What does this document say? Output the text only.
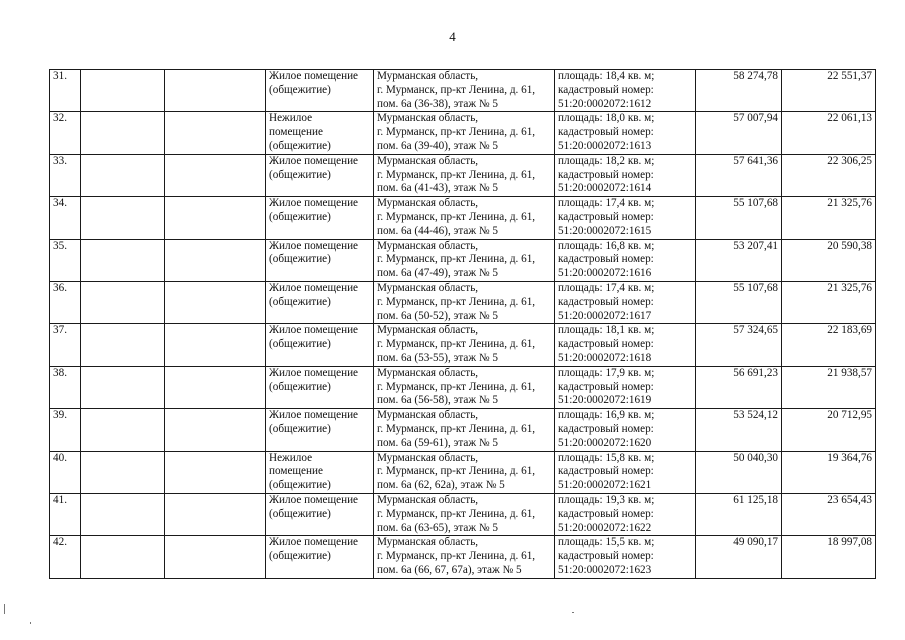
4
31.			Жилое помещение
(общежитие)	Мурманская область,
г. Мурманск, пр-кт Ленина, д. 61,
пом. 6а (36-38), этаж № 5	площадь: 18,4 кв. м;
кадастровый номер:
51:20:0002072:1612	58 274,78	22 551,37
32.			Нежилое
помещение
(общежитие)	Мурманская область,
г. Мурманск, пр-кт Ленина, д. 61,
пом. 6а (39-40), этаж № 5	площадь: 18,0 кв. м;
кадастровый номер:
51:20:0002072:1613	57 007,94	22 061,13
33.			Жилое помещение
(общежитие)	Мурманская область,
г. Мурманск, пр-кт Ленина, д. 61,
пом. 6а (41-43), этаж № 5	площадь: 18,2 кв. м;
кадастровый номер:
51:20:0002072:1614	57 641,36	22 306,25
34.			Жилое помещение
(общежитие)	Мурманская область,
г. Мурманск, пр-кт Ленина, д. 61,
пом. 6а (44-46), этаж № 5	площадь: 17,4 кв. м;
кадастровый номер:
51:20:0002072:1615	55 107,68	21 325,76
35.			Жилое помещение
(общежитие)	Мурманская область,
г. Мурманск, пр-кт Ленина, д. 61,
пом. 6а (47-49), этаж № 5	площадь: 16,8 кв. м;
кадастровый номер:
51:20:0002072:1616	53 207,41	20 590,38
36.			Жилое помещение
(общежитие)	Мурманская область,
г. Мурманск, пр-кт Ленина, д. 61,
пом. 6а (50-52), этаж № 5	площадь: 17,4 кв. м;
кадастровый номер:
51:20:0002072:1617	55 107,68	21 325,76
37.			Жилое помещение
(общежитие)	Мурманская область,
г. Мурманск, пр-кт Ленина, д. 61,
пом. 6а (53-55), этаж № 5	площадь: 18,1 кв. м;
кадастровый номер:
51:20:0002072:1618	57 324,65	22 183,69
38.			Жилое помещение
(общежитие)	Мурманская область,
г. Мурманск, пр-кт Ленина, д. 61,
пом. 6а (56-58), этаж № 5	площадь: 17,9 кв. м;
кадастровый номер:
51:20:0002072:1619	56 691,23	21 938,57
39.			Жилое помещение
(общежитие)	Мурманская область,
г. Мурманск, пр-кт Ленина, д. 61,
пом. 6а (59-61), этаж № 5	площадь: 16,9 кв. м;
кадастровый номер:
51:20:0002072:1620	53 524,12	20 712,95
40.			Нежилое
помещение
(общежитие)	Мурманская область,
г. Мурманск, пр-кт Ленина, д. 61,
пом. 6а (62, 62а), этаж № 5	площадь: 15,8 кв. м;
кадастровый номер:
51:20:0002072:1621	50 040,30	19 364,76
41.			Жилое помещение
(общежитие)	Мурманская область,
г. Мурманск, пр-кт Ленина, д. 61,
пом. 6а (63-65), этаж № 5	площадь: 19,3 кв. м;
кадастровый номер:
51:20:0002072:1622	61 125,18	23 654,43
42.			Жилое помещение
(общежитие)	Мурманская область,
г. Мурманск, пр-кт Ленина, д. 61,
пом. 6а (66, 67, 67а), этаж № 5	площадь: 15,5 кв. м;
кадастровый номер:
51:20:0002072:1623	49 090,17	18 997,08
